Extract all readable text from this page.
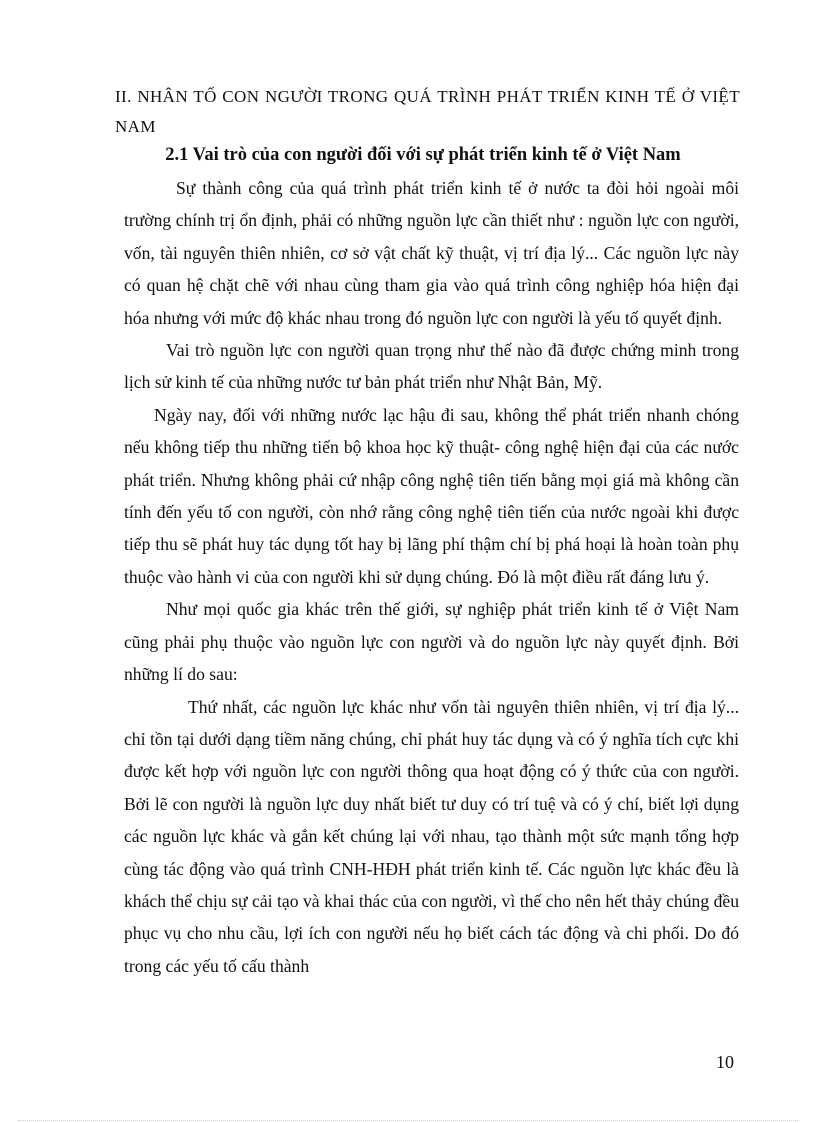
II. NHÂN TỐ CON NGƯỜI TRONG QUÁ TRÌNH PHÁT TRIỂN KINH TẾ Ở VIỆT NAM
2.1 Vai trò của con người đối với sự phát triển kinh tế ở Việt Nam

Sự thành công của quá trình phát triển kinh tế ở nước ta đòi hỏi ngoài môi trường chính trị ổn định, phải có những nguồn lực cần thiết như : nguồn lực con người, vốn, tài nguyên thiên nhiên, cơ sở vật chất kỹ thuật, vị trí địa lý... Các nguồn lực này có quan hệ chặt chẽ với nhau cùng tham gia vào quá trình công nghiệp hóa hiện đại hóa nhưng với mức độ khác nhau trong đó nguồn lực con người là yếu tố quyết định.

Vai trò nguồn lực con người quan trọng như thế nào đã được chứng minh trong lịch sử kinh tế của những nước tư bản phát triển như Nhật Bản, Mỹ.

Ngày nay, đối với những nước lạc hậu đi sau, không thể phát triển nhanh chóng nếu không tiếp thu những tiến bộ khoa học kỹ thuật- công nghệ hiện đại của các nước phát triển. Nhưng không phải cứ nhập công nghệ tiên tiến bằng mọi giá mà không cần tính đến yếu tố con người, còn nhớ rằng công nghệ tiên tiến của nước ngoài khi được tiếp thu sẽ phát huy tác dụng tốt hay bị lãng phí thậm chí bị phá hoại là hoàn toàn phụ thuộc vào hành vi của con người khi sử dụng chúng. Đó là một điều rất đáng lưu ý.

Như mọi quốc gia khác trên thế giới, sự nghiệp phát triển kinh tế ở Việt Nam cũng phải phụ thuộc vào nguồn lực con người và do nguồn lực này quyết định. Bởi những lí do sau:

Thứ nhất, các nguồn lực khác như vốn tài nguyên thiên nhiên, vị trí địa lý... chỉ tồn tại dưới dạng tiềm năng chúng, chỉ phát huy tác dụng và có ý nghĩa tích cực khi được kết hợp với nguồn lực con người thông qua hoạt động có ý thức của con người. Bởi lẽ con người là nguồn lực duy nhất biết tư duy có trí tuệ và có ý chí, biết lợi dụng các nguồn lực khác và gắn kết chúng lại với nhau, tạo thành một sức mạnh tổng hợp cùng tác động vào quá trình CNH-HĐH phát triển kinh tế. Các nguồn lực khác đều là khách thể chịu sự cải tạo và khai thác của con người, vì thế cho nên hết thảy chúng đều phục vụ cho nhu cầu, lợi ích con người nếu họ biết cách tác động và chi phối. Do đó trong các yếu tố cấu thành

10
